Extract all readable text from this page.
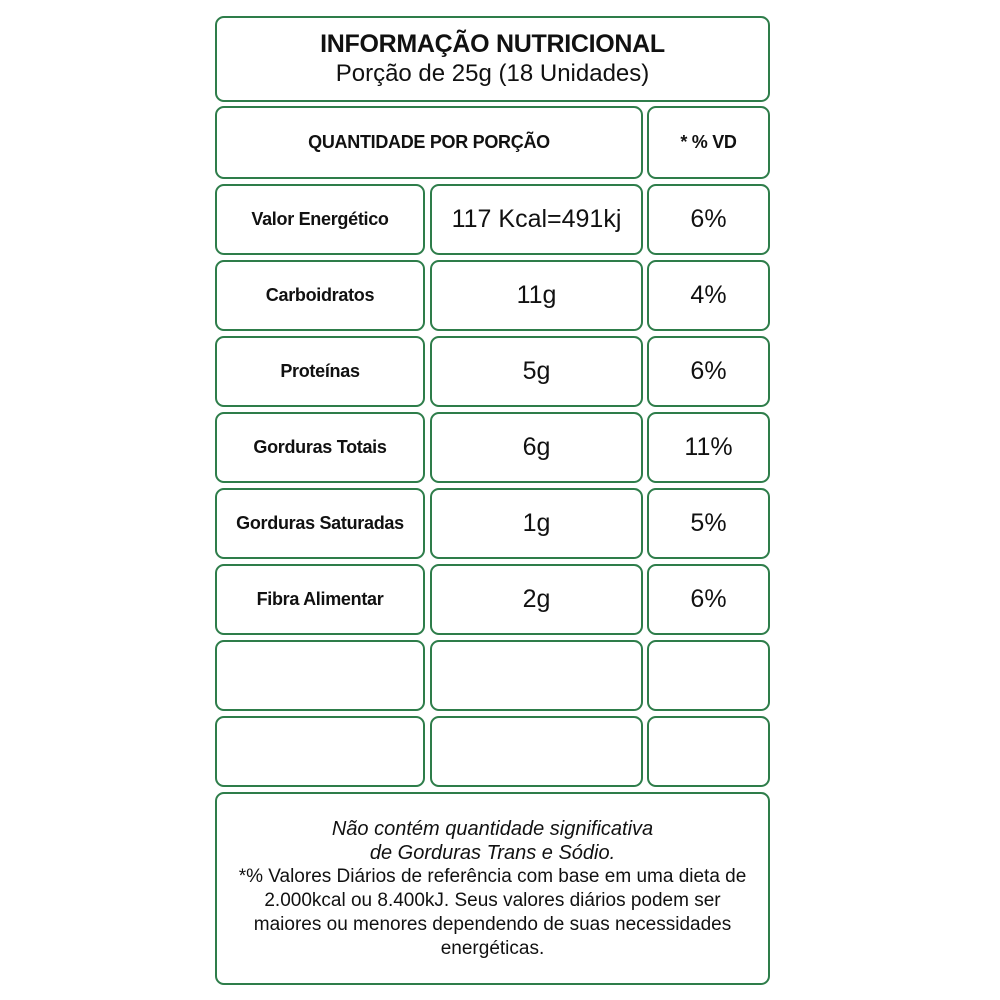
INFORMAÇÃO NUTRICIONAL
Porção de 25g (18 Unidades)
QUANTIDADE POR PORÇÃO	* % VD
Valor Energético	117 Kcal=491kj	6%
Carboidratos	11g	4%
Proteínas	5g	6%
Gorduras Totais	6g	11%
Gorduras Saturadas	1g	5%
Fibra Alimentar	2g	6%
Não contém quantidade significativa
de Gorduras Trans e Sódio.
*% Valores Diários de referência com base em uma dieta de 2.000kcal ou 8.400kJ. Seus valores diários podem ser maiores ou menores dependendo de suas necessidades energéticas.
